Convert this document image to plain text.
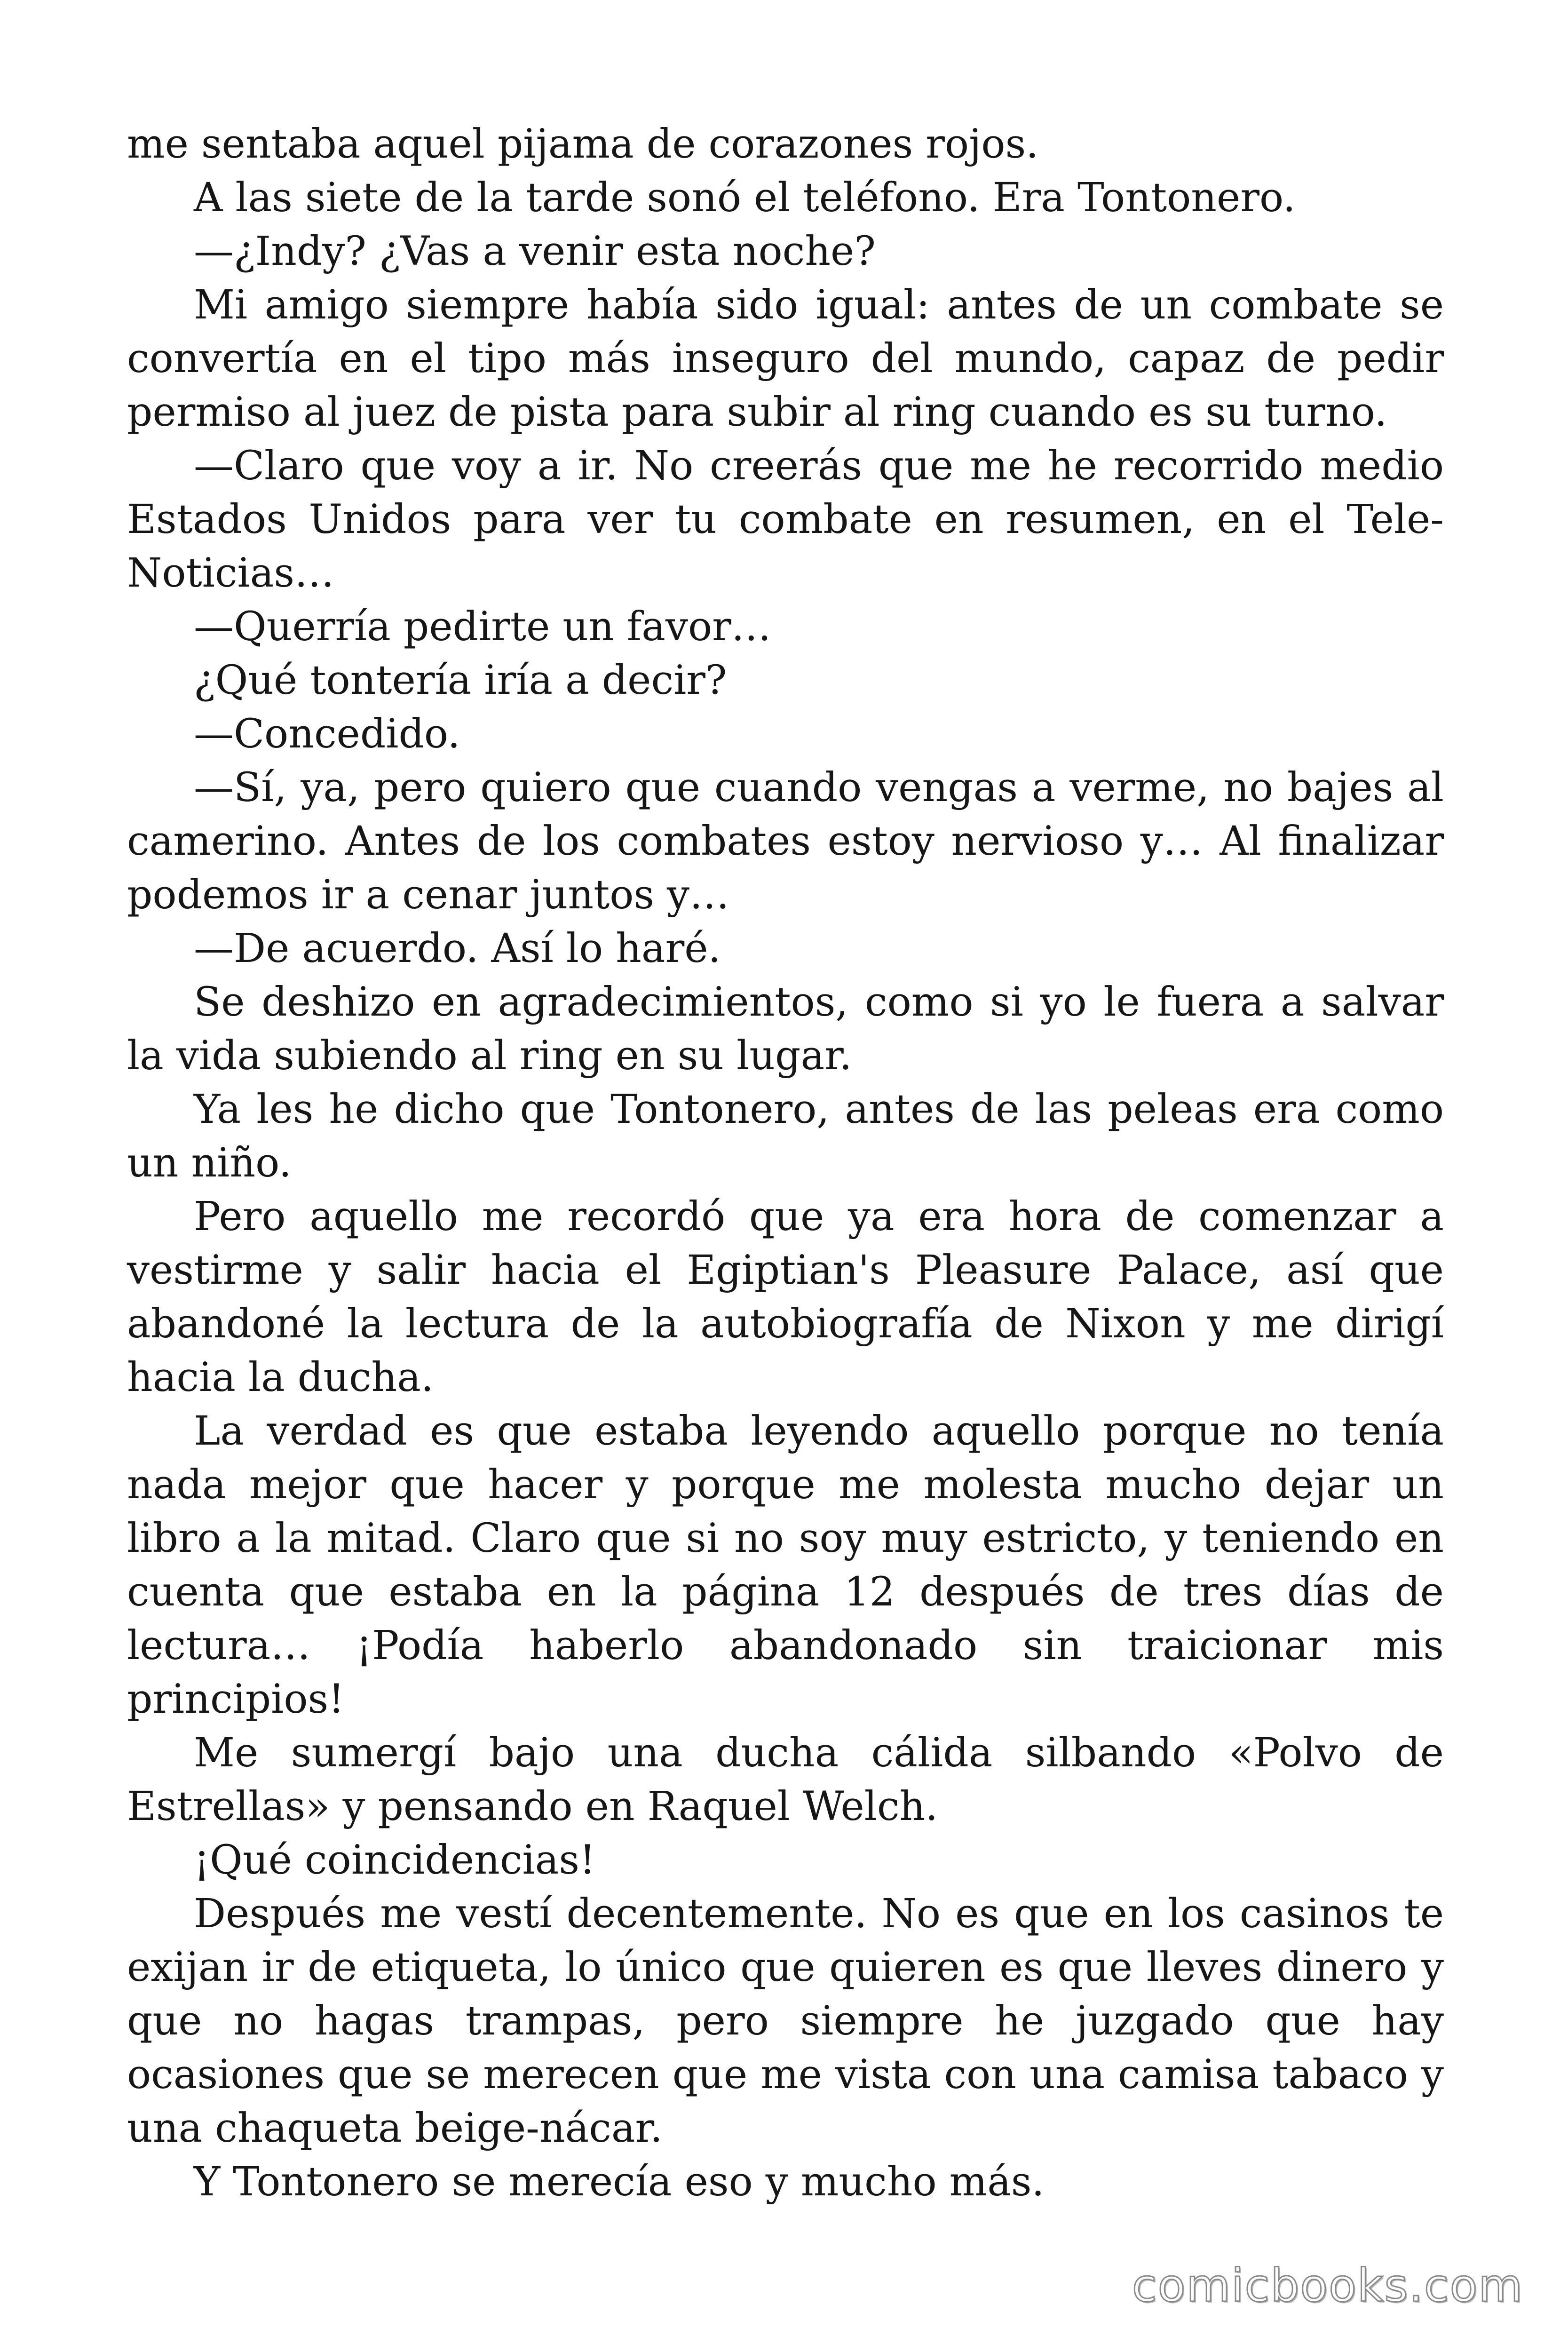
me sentaba aquel pijama de corazones rojos.

A las siete de la tarde sonó el teléfono. Era Tontonero.

—¿Indy? ¿Vas a venir esta noche?

Mi amigo siempre había sido igual: antes de un combate se convertía en el tipo más inseguro del mundo, capaz de pedir permiso al juez de pista para subir al ring cuando es su turno.

—Claro que voy a ir. No creerás que me he recorrido medio Estados Unidos para ver tu combate en resumen, en el Tele-Noticias…

—Querría pedirte un favor…

¿Qué tontería iría a decir?

—Concedido.

—Sí, ya, pero quiero que cuando vengas a verme, no bajes al camerino. Antes de los combates estoy nervioso y… Al finalizar podemos ir a cenar juntos y…

—De acuerdo. Así lo haré.

Se deshizo en agradecimientos, como si yo le fuera a salvar la vida subiendo al ring en su lugar.

Ya les he dicho que Tontonero, antes de las peleas era como un niño.

Pero aquello me recordó que ya era hora de comenzar a vestirme y salir hacia el Egiptian's Pleasure Palace, así que abandoné la lectura de la autobiografía de Nixon y me dirigí hacia la ducha.

La verdad es que estaba leyendo aquello porque no tenía nada mejor que hacer y porque me molesta mucho dejar un libro a la mitad. Claro que si no soy muy estricto, y teniendo en cuenta que estaba en la página 12 después de tres días de lectura… ¡Podía haberlo abandonado sin traicionar mis principios!

Me sumergí bajo una ducha cálida silbando «Polvo de Estrellas» y pensando en Raquel Welch.

¡Qué coincidencias!

Después me vestí decentemente. No es que en los casinos te exijan ir de etiqueta, lo único que quieren es que lleves dinero y que no hagas trampas, pero siempre he juzgado que hay ocasiones que se merecen que me vista con una camisa tabaco y una chaqueta beige-nácar.

Y Tontonero se merecía eso y mucho más.

comicbooks.com
